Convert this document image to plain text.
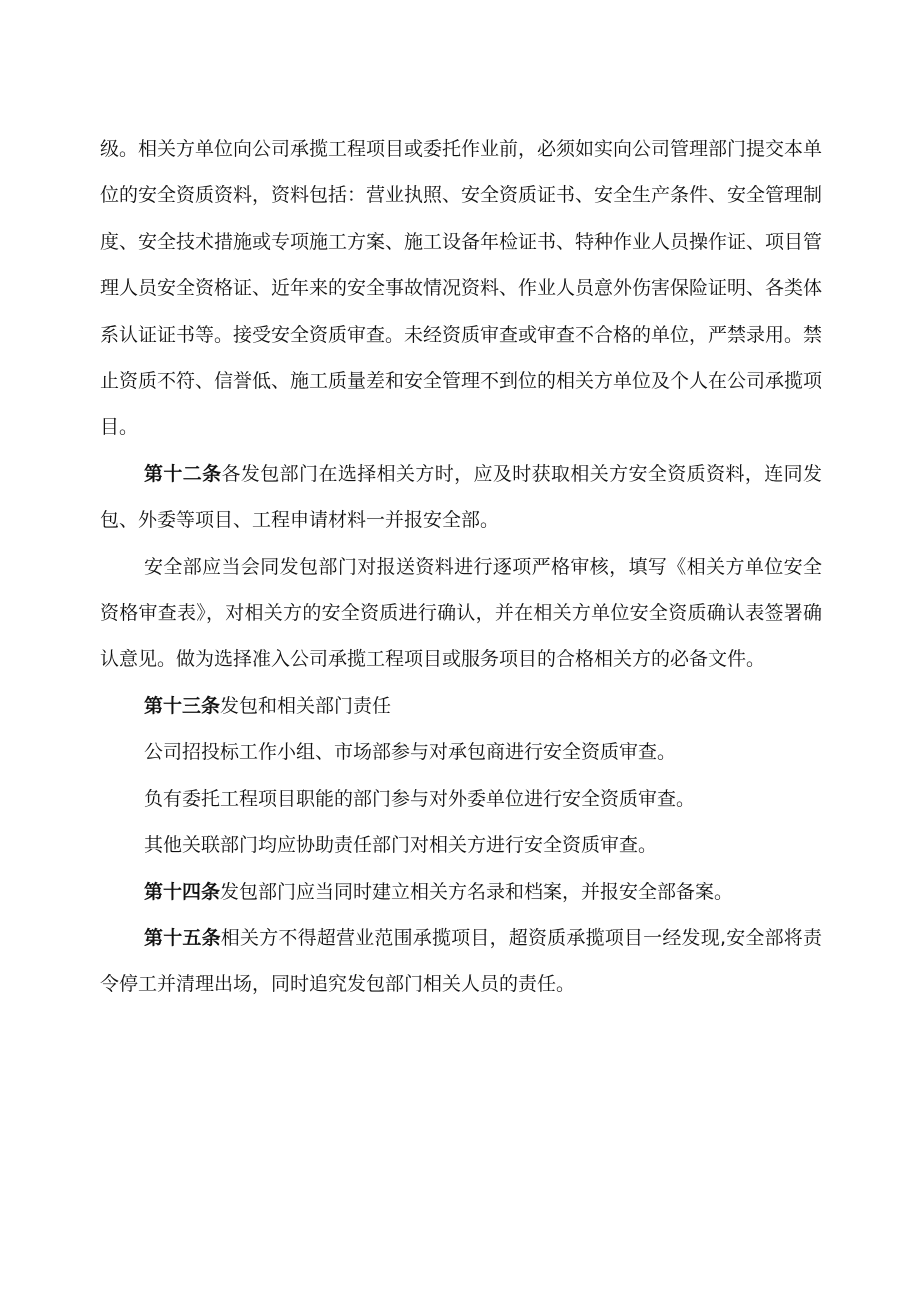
级。相关方单位向公司承揽工程项目或委托作业前，必须如实向公司管理部门提交本单位的安全资质资料，资料包括：营业执照、安全资质证书、安全生产条件、安全管理制度、安全技术措施或专项施工方案、施工设备年检证书、特种作业人员操作证、项目管理人员安全资格证、近年来的安全事故情况资料、作业人员意外伤害保险证明、各类体系认证证书等。接受安全资质审查。未经资质审查或审查不合格的单位，严禁录用。禁止资质不符、信誉低、施工质量差和安全管理不到位的相关方单位及个人在公司承揽项目。

第十二条各发包部门在选择相关方时，应及时获取相关方安全资质资料，连同发包、外委等项目、工程申请材料一并报安全部。

安全部应当会同发包部门对报送资料进行逐项严格审核，填写《相关方单位安全资格审查表》，对相关方的安全资质进行确认，并在相关方单位安全资质确认表签署确认意见。做为选择准入公司承揽工程项目或服务项目的合格相关方的必备文件。

第十三条发包和相关部门责任

公司招投标工作小组、市场部参与对承包商进行安全资质审查。

负有委托工程项目职能的部门参与对外委单位进行安全资质审查。

其他关联部门均应协助责任部门对相关方进行安全资质审查。

第十四条发包部门应当同时建立相关方名录和档案，并报安全部备案。

第十五条相关方不得超营业范围承揽项目，超资质承揽项目一经发现,安全部将责令停工并清理出场，同时追究发包部门相关人员的责任。
